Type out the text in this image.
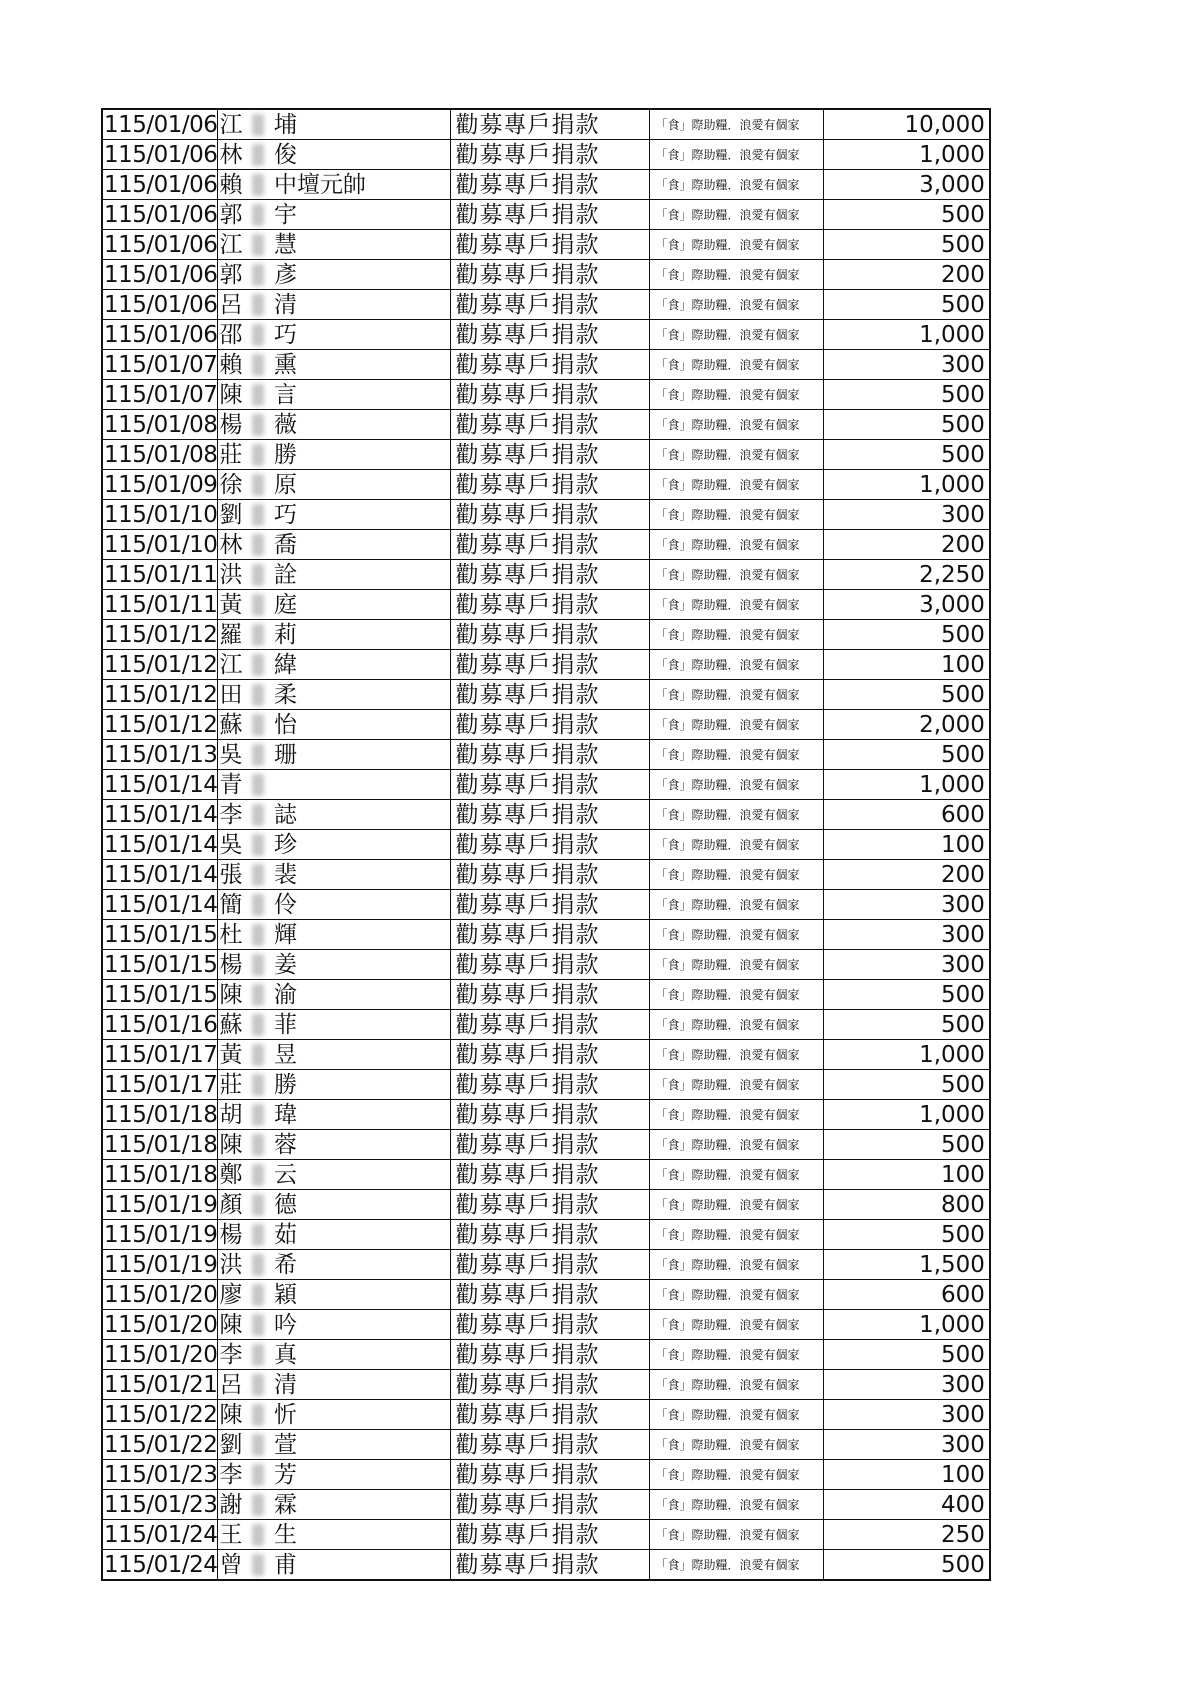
115/01/06	江		埔	勸募專戶捐款	「食」際助糧．浪愛有個家	10,000
115/01/06	林		俊	勸募專戶捐款	「食」際助糧．浪愛有個家	1,000
115/01/06	賴		中壇元帥	勸募專戶捐款	「食」際助糧．浪愛有個家	3,000
115/01/06	郭		宇	勸募專戶捐款	「食」際助糧．浪愛有個家	500
115/01/06	江		慧	勸募專戶捐款	「食」際助糧．浪愛有個家	500
115/01/06	郭		彥	勸募專戶捐款	「食」際助糧．浪愛有個家	200
115/01/06	呂		清	勸募專戶捐款	「食」際助糧．浪愛有個家	500
115/01/06	邵		巧	勸募專戶捐款	「食」際助糧．浪愛有個家	1,000
115/01/07	賴		熏	勸募專戶捐款	「食」際助糧．浪愛有個家	300
115/01/07	陳		言	勸募專戶捐款	「食」際助糧．浪愛有個家	500
115/01/08	楊		薇	勸募專戶捐款	「食」際助糧．浪愛有個家	500
115/01/08	莊		勝	勸募專戶捐款	「食」際助糧．浪愛有個家	500
115/01/09	徐		原	勸募專戶捐款	「食」際助糧．浪愛有個家	1,000
115/01/10	劉		巧	勸募專戶捐款	「食」際助糧．浪愛有個家	300
115/01/10	林		喬	勸募專戶捐款	「食」際助糧．浪愛有個家	200
115/01/11	洪		詮	勸募專戶捐款	「食」際助糧．浪愛有個家	2,250
115/01/11	黃		庭	勸募專戶捐款	「食」際助糧．浪愛有個家	3,000
115/01/12	羅		莉	勸募專戶捐款	「食」際助糧．浪愛有個家	500
115/01/12	江		緯	勸募專戶捐款	「食」際助糧．浪愛有個家	100
115/01/12	田		柔	勸募專戶捐款	「食」際助糧．浪愛有個家	500
115/01/12	蘇		怡	勸募專戶捐款	「食」際助糧．浪愛有個家	2,000
115/01/13	吳		珊	勸募專戶捐款	「食」際助糧．浪愛有個家	500
115/01/14	青			勸募專戶捐款	「食」際助糧．浪愛有個家	1,000
115/01/14	李		誌	勸募專戶捐款	「食」際助糧．浪愛有個家	600
115/01/14	吳		珍	勸募專戶捐款	「食」際助糧．浪愛有個家	100
115/01/14	張		裴	勸募專戶捐款	「食」際助糧．浪愛有個家	200
115/01/14	簡		伶	勸募專戶捐款	「食」際助糧．浪愛有個家	300
115/01/15	杜		輝	勸募專戶捐款	「食」際助糧．浪愛有個家	300
115/01/15	楊		姜	勸募專戶捐款	「食」際助糧．浪愛有個家	300
115/01/15	陳		渝	勸募專戶捐款	「食」際助糧．浪愛有個家	500
115/01/16	蘇		菲	勸募專戶捐款	「食」際助糧．浪愛有個家	500
115/01/17	黃		昱	勸募專戶捐款	「食」際助糧．浪愛有個家	1,000
115/01/17	莊		勝	勸募專戶捐款	「食」際助糧．浪愛有個家	500
115/01/18	胡		瑋	勸募專戶捐款	「食」際助糧．浪愛有個家	1,000
115/01/18	陳		蓉	勸募專戶捐款	「食」際助糧．浪愛有個家	500
115/01/18	鄭		云	勸募專戶捐款	「食」際助糧．浪愛有個家	100
115/01/19	顏		德	勸募專戶捐款	「食」際助糧．浪愛有個家	800
115/01/19	楊		茹	勸募專戶捐款	「食」際助糧．浪愛有個家	500
115/01/19	洪		希	勸募專戶捐款	「食」際助糧．浪愛有個家	1,500
115/01/20	廖		穎	勸募專戶捐款	「食」際助糧．浪愛有個家	600
115/01/20	陳		吟	勸募專戶捐款	「食」際助糧．浪愛有個家	1,000
115/01/20	李		真	勸募專戶捐款	「食」際助糧．浪愛有個家	500
115/01/21	呂		清	勸募專戶捐款	「食」際助糧．浪愛有個家	300
115/01/22	陳		忻	勸募專戶捐款	「食」際助糧．浪愛有個家	300
115/01/22	劉		萱	勸募專戶捐款	「食」際助糧．浪愛有個家	300
115/01/23	李		芳	勸募專戶捐款	「食」際助糧．浪愛有個家	100
115/01/23	謝		霖	勸募專戶捐款	「食」際助糧．浪愛有個家	400
115/01/24	王		生	勸募專戶捐款	「食」際助糧．浪愛有個家	250
115/01/24	曾		甫	勸募專戶捐款	「食」際助糧．浪愛有個家	500
